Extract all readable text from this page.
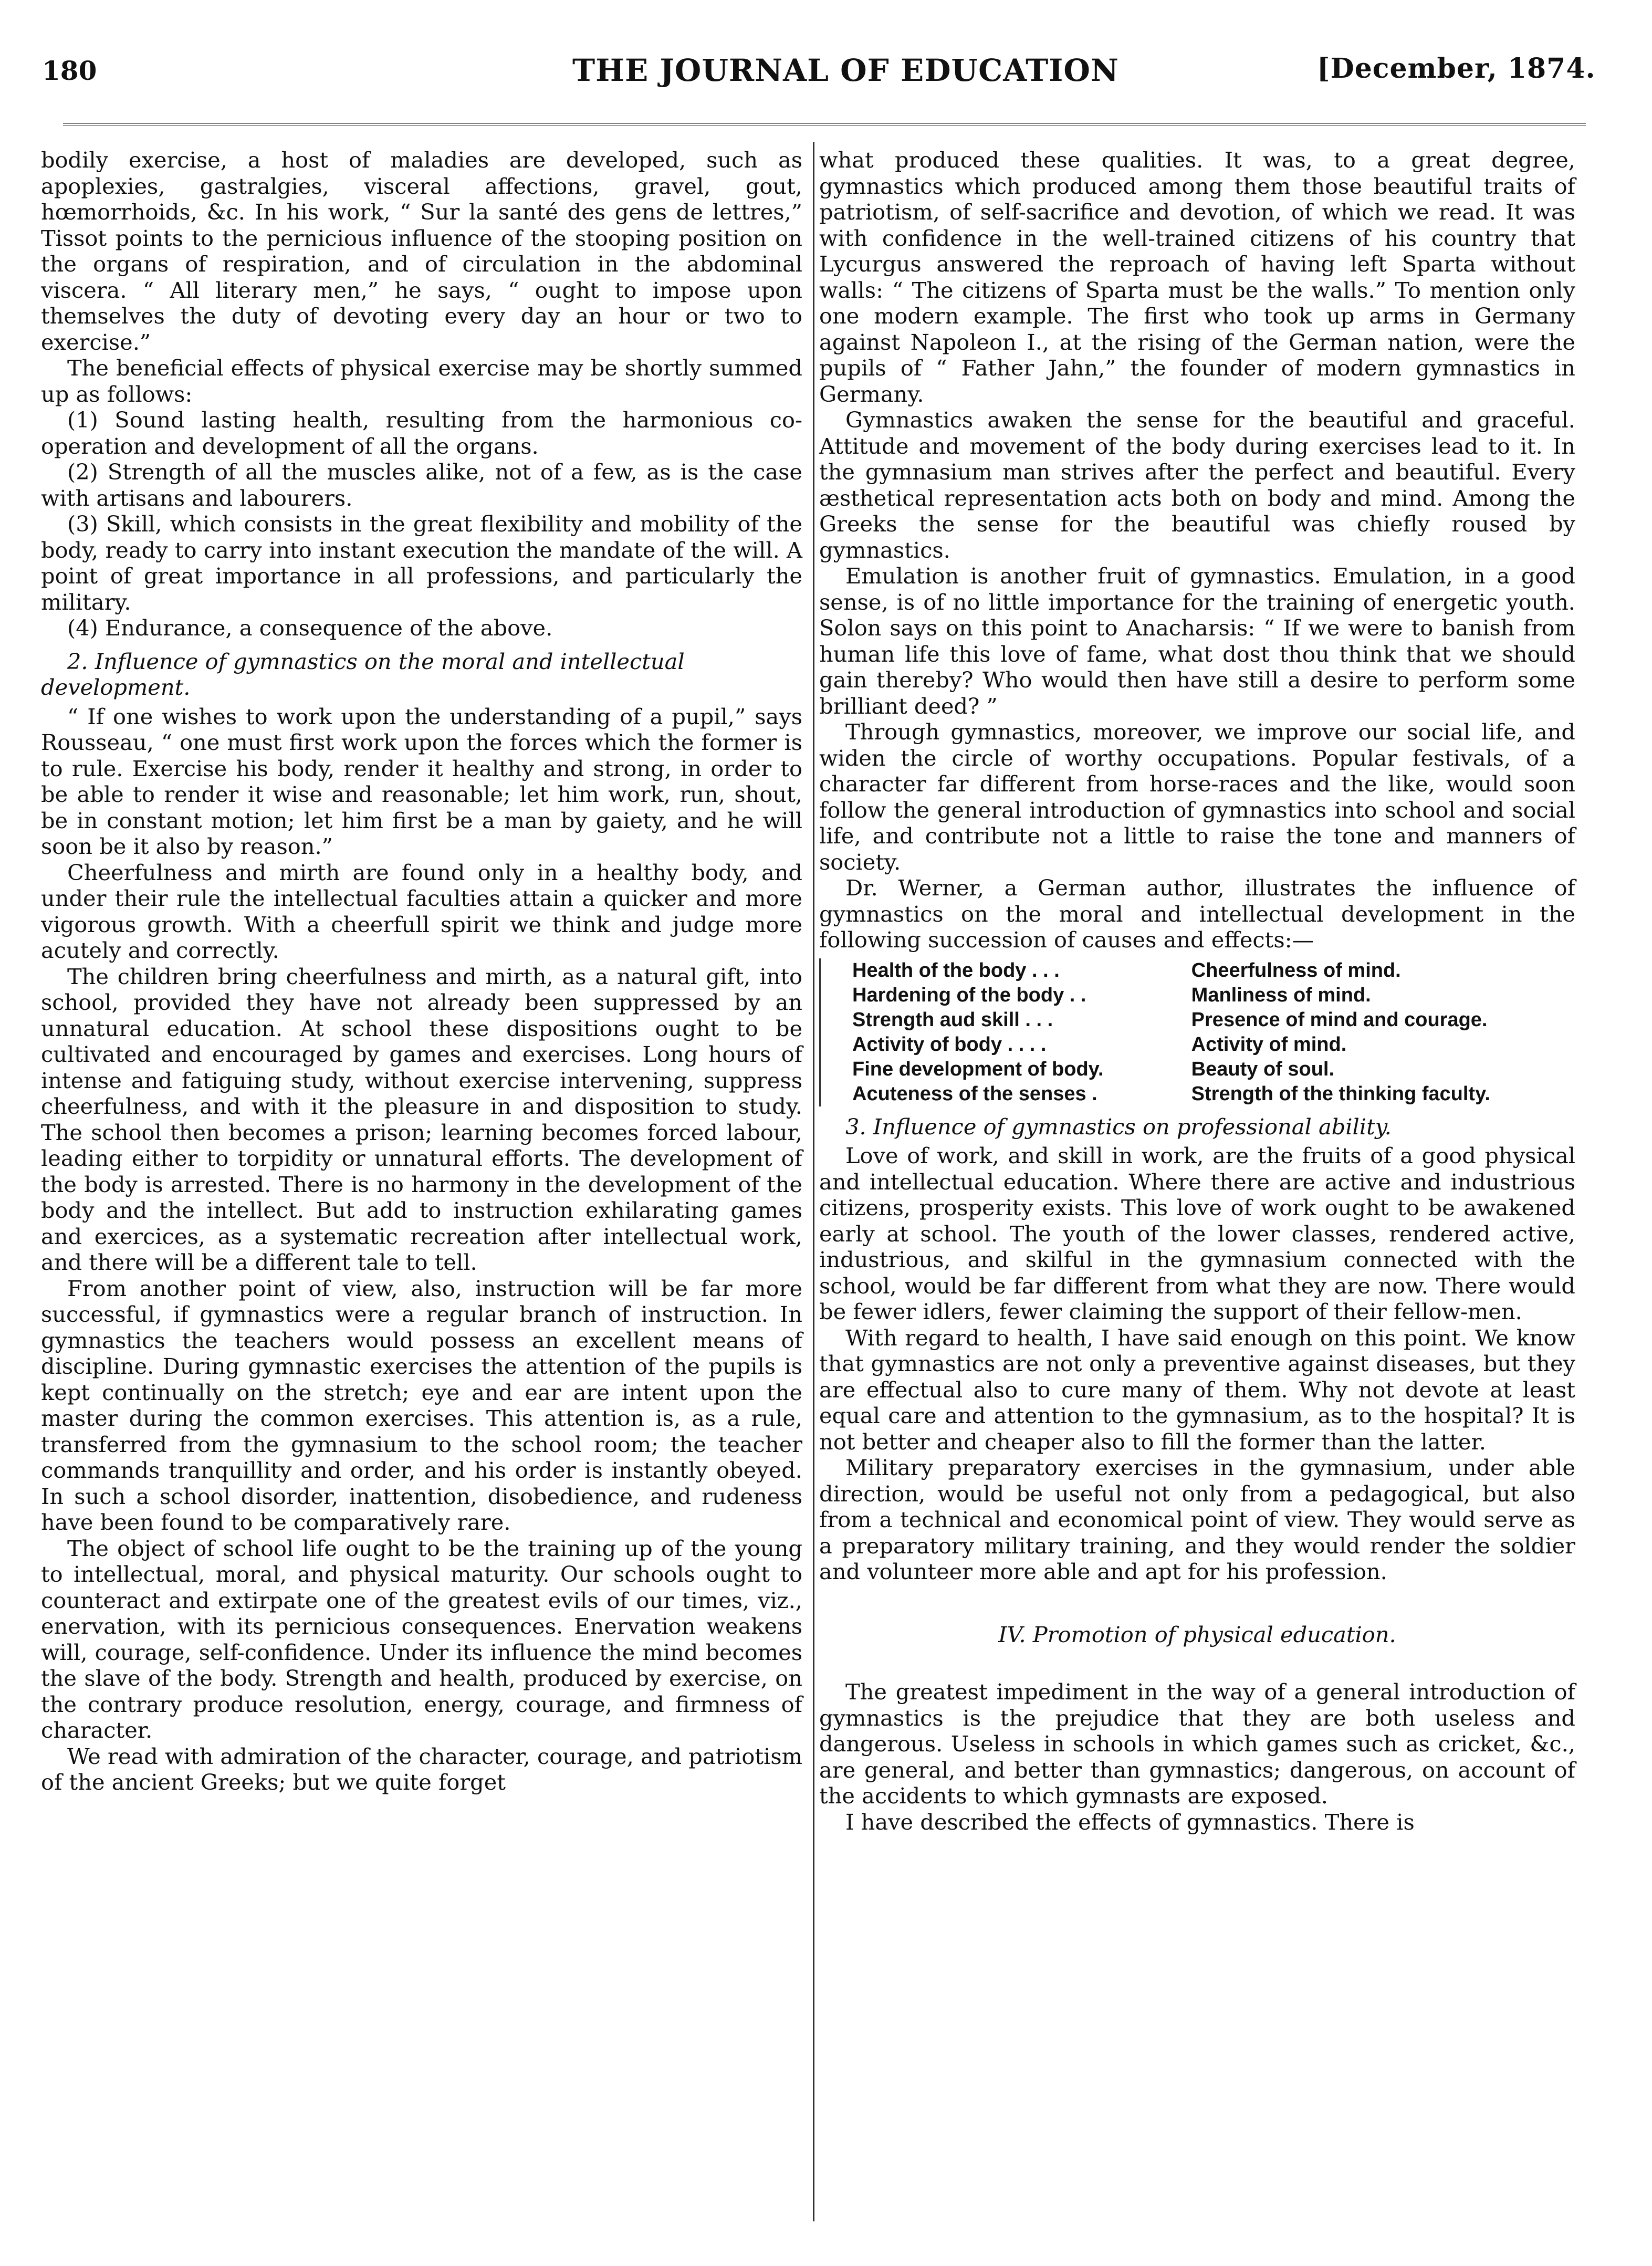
180	THE JOURNAL OF EDUCATION	[December, 1874.

bodily exercise, a host of maladies are developed, such as apoplexies, gastralgies, visceral affections, gravel, gout, hœmorrhoids, &c. In his work, “ Sur la santé des gens de lettres,” Tissot points to the pernicious influence of the stooping position on the organs of respiration, and of circulation in the abdominal viscera. “ All literary men,” he says, “ ought to impose upon themselves the duty of devoting every day an hour or two to exercise.”

The beneficial effects of physical exercise may be shortly summed up as follows:

(1) Sound lasting health, resulting from the harmonious co-operation and development of all the organs.

(2) Strength of all the muscles alike, not of a few, as is the case with artisans and labourers.

(3) Skill, which consists in the great flexibility and mobility of the body, ready to carry into instant execution the mandate of the will. A point of great importance in all professions, and particularly the military.

(4) Endurance, a consequence of the above.

2. Influence of gymnastics on the moral and intellectual development.

“ If one wishes to work upon the understanding of a pupil,” says Rousseau, “ one must first work upon the forces which the former is to rule. Exercise his body, render it healthy and strong, in order to be able to render it wise and reasonable; let him work, run, shout, be in constant motion; let him first be a man by gaiety, and he will soon be it also by reason.”

Cheerfulness and mirth are found only in a healthy body, and under their rule the intellectual faculties attain a quicker and more vigorous growth. With a cheerfull spirit we think and judge more acutely and correctly.

The children bring cheerfulness and mirth, as a natural gift, into school, provided they have not already been suppressed by an unnatural education. At school these dispositions ought to be cultivated and encouraged by games and exercises. Long hours of intense and fatiguing study, without exercise intervening, suppress cheerfulness, and with it the pleasure in and disposition to study. The school then becomes a prison; learning becomes forced labour, leading either to torpidity or unnatural efforts. The development of the body is arrested. There is no harmony in the development of the body and the intellect. But add to instruction exhilarating games and exercices, as a systematic recreation after intellectual work, and there will be a different tale to tell.

From another point of view, also, instruction will be far more successful, if gymnastics were a regular branch of instruction. In gymnastics the teachers would possess an excellent means of discipline. During gymnastic exercises the attention of the pupils is kept continually on the stretch; eye and ear are intent upon the master during the common exercises. This attention is, as a rule, transferred from the gymnasium to the school room; the teacher commands tranquillity and order, and his order is instantly obeyed. In such a school disorder, inattention, disobedience, and rudeness have been found to be comparatively rare.

The object of school life ought to be the training up of the young to intellectual, moral, and physical maturity. Our schools ought to counteract and extirpate one of the greatest evils of our times, viz., enervation, with its pernicious consequences. Enervation weakens will, courage, self-confidence. Under its influence the mind becomes the slave of the body. Strength and health, produced by exercise, on the contrary produce resolution, energy, courage, and firmness of character.

We read with admiration of the character, courage, and patriotism of the ancient Greeks; but we quite forget

what produced these qualities. It was, to a great degree, gymnastics which produced among them those beautiful traits of patriotism, of self-sacrifice and devotion, of which we read. It was with confidence in the well-trained citizens of his country that Lycurgus answered the reproach of having left Sparta without walls: “ The citizens of Sparta must be the walls.” To mention only one modern example. The first who took up arms in Germany against Napoleon I., at the rising of the German nation, were the pupils of “ Father Jahn,” the founder of modern gymnastics in Germany.

Gymnastics awaken the sense for the beautiful and graceful. Attitude and movement of the body during exercises lead to it. In the gymnasium man strives after the perfect and beautiful. Every æsthetical representation acts both on body and mind. Among the Greeks the sense for the beautiful was chiefly roused by gymnastics.

Emulation is another fruit of gymnastics. Emulation, in a good sense, is of no little importance for the training of energetic youth. Solon says on this point to Anacharsis: “ If we were to banish from human life this love of fame, what dost thou think that we should gain thereby? Who would then have still a desire to perform some brilliant deed? ”

Through gymnastics, moreover, we improve our social life, and widen the circle of worthy occupations. Popular festivals, of a character far different from horse-races and the like, would soon follow the general introduction of gymnastics into school and social life, and contribute not a little to raise the tone and manners of society.

Dr. Werner, a German author, illustrates the influence of gymnastics on the moral and intellectual development in the following succession of causes and effects:—

Health of the body . . .	Cheerfulness of mind.
Hardening of the body . .	Manliness of mind.
Strength aud skill . . .	Presence of mind and courage.
Activity of body . . . .	Activity of mind.
Fine development of body.	Beauty of soul.
Acuteness of the senses .	Strength of the thinking faculty.

3. Influence of gymnastics on professional ability.

Love of work, and skill in work, are the fruits of a good physical and intellectual education. Where there are active and industrious citizens, prosperity exists. This love of work ought to be awakened early at school. The youth of the lower classes, rendered active, industrious, and skilful in the gymnasium connected with the school, would be far different from what they are now. There would be fewer idlers, fewer claiming the support of their fellow-men.

With regard to health, I have said enough on this point. We know that gymnastics are not only a preventive against diseases, but they are effectual also to cure many of them. Why not devote at least equal care and attention to the gymnasium, as to the hospital? It is not better and cheaper also to fill the former than the latter.

Military preparatory exercises in the gymnasium, under able direction, would be useful not only from a pedagogical, but also from a technical and economical point of view. They would serve as a preparatory military training, and they would render the soldier and volunteer more able and apt for his profession.

IV. Promotion of physical education.

The greatest impediment in the way of a general introduction of gymnastics is the prejudice that they are both useless and dangerous. Useless in schools in which games such as cricket, &c., are general, and better than gymnastics; dangerous, on account of the accidents to which gymnasts are exposed.

I have described the effects of gymnastics. There is
